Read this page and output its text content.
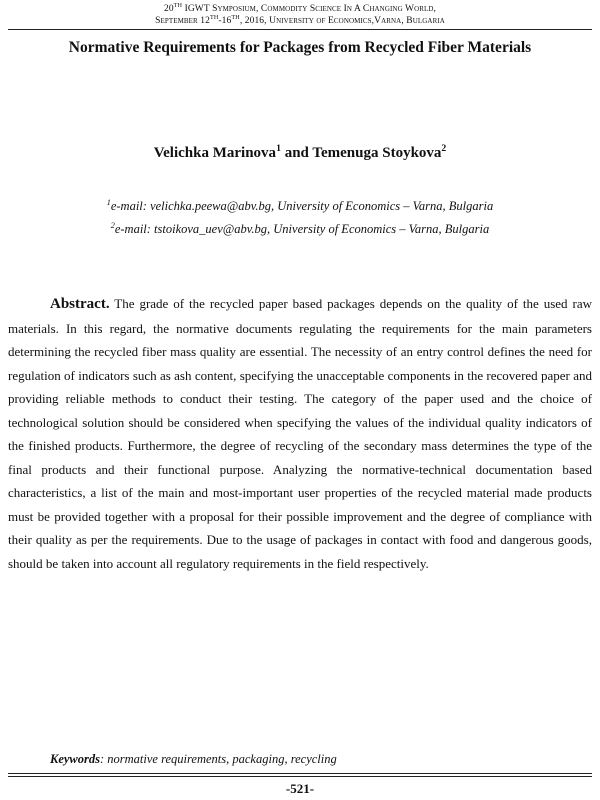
20TH IGWT Symposium, Commodity Science In A Changing World,
September 12TH-16TH, 2016, University of Economics,Varna, Bulgaria
Normative Requirements for Packages from Recycled Fiber Materials
Velichka Marinova$^1$ and Temenuga Stoykova$^2$
$^1$e-mail: velichka.peewa@abv.bg, University of Economics – Varna, Bulgaria
$^2$e-mail: tstoikova_uev@abv.bg, University of Economics – Varna, Bulgaria

Abstract. The grade of the recycled paper based packages depends on the quality of the used raw materials. In this regard, the normative documents regulating the requirements for the main parameters determining the recycled fiber mass quality are essential. The necessity of an entry control defines the need for regulation of indicators such as ash content, specifying the unacceptable components in the recovered paper and providing reliable methods to conduct their testing. The category of the paper used and the choice of technological solution should be considered when specifying the values of the individual quality indicators of the finished products. Furthermore, the degree of recycling of the secondary mass determines the type of the final products and their functional purpose. Analyzing the normative-technical documentation based characteristics, a list of the main and most-important user properties of the recycled material made products must be provided together with a proposal for their possible improvement and the degree of compliance with their quality as per the requirements. Due to the usage of packages in contact with food and dangerous goods, should be taken into account all regulatory requirements in the field respectively.

Keywords: normative requirements, packaging, recycling
-521-
